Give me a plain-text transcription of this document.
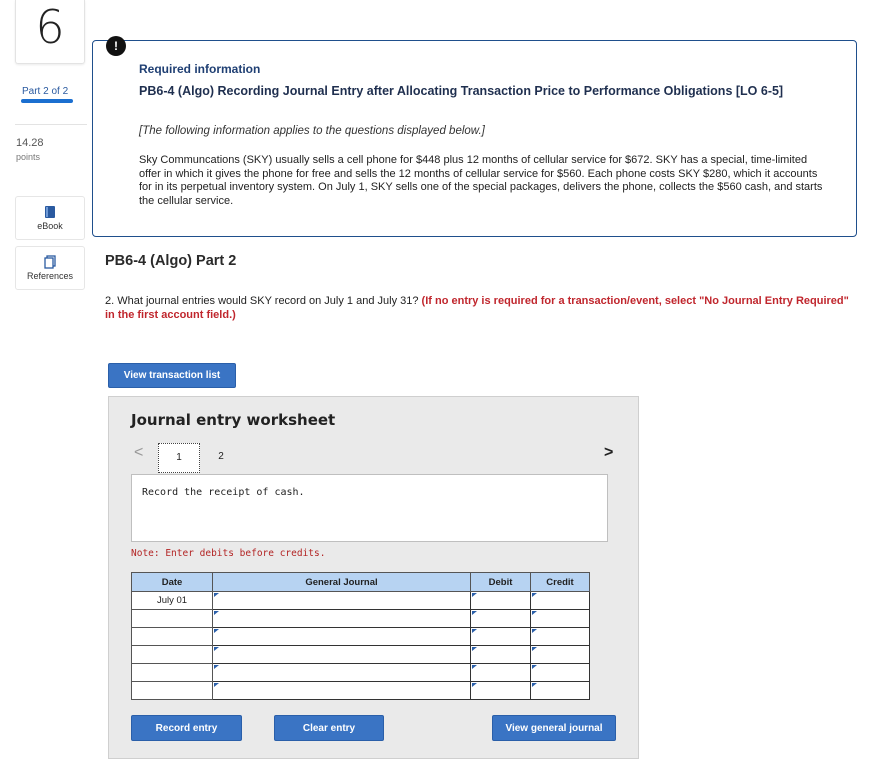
6
Part 2 of 2
14.28
points
eBook
References
!
Required information
PB6-4 (Algo) Recording Journal Entry after Allocating Transaction Price to Performance Obligations [LO 6-5]
[The following information applies to the questions displayed below.]
Sky Communcations (SKY) usually sells a cell phone for $448 plus 12 months of cellular service for $672. SKY has a special, time-limited offer in which it gives the phone for free and sells the 12 months of cellular service for $560. Each phone costs SKY $280, which it accounts for in its perpetual inventory system. On July 1, SKY sells one of the special packages, delivers the phone, collects the $560 cash, and starts the cellular service.
PB6-4 (Algo) Part 2
2. What journal entries would SKY record on July 1 and July 31? (If no entry is required for a transaction/event, select "No Journal Entry Required" in the first account field.)
View transaction list
Journal entry worksheet
<	1	2	>
Record the receipt of cash.
Note: Enter debits before credits.
Date	General Journal	Debit	Credit
July 01			

Record entry	Clear entry	View general journal
